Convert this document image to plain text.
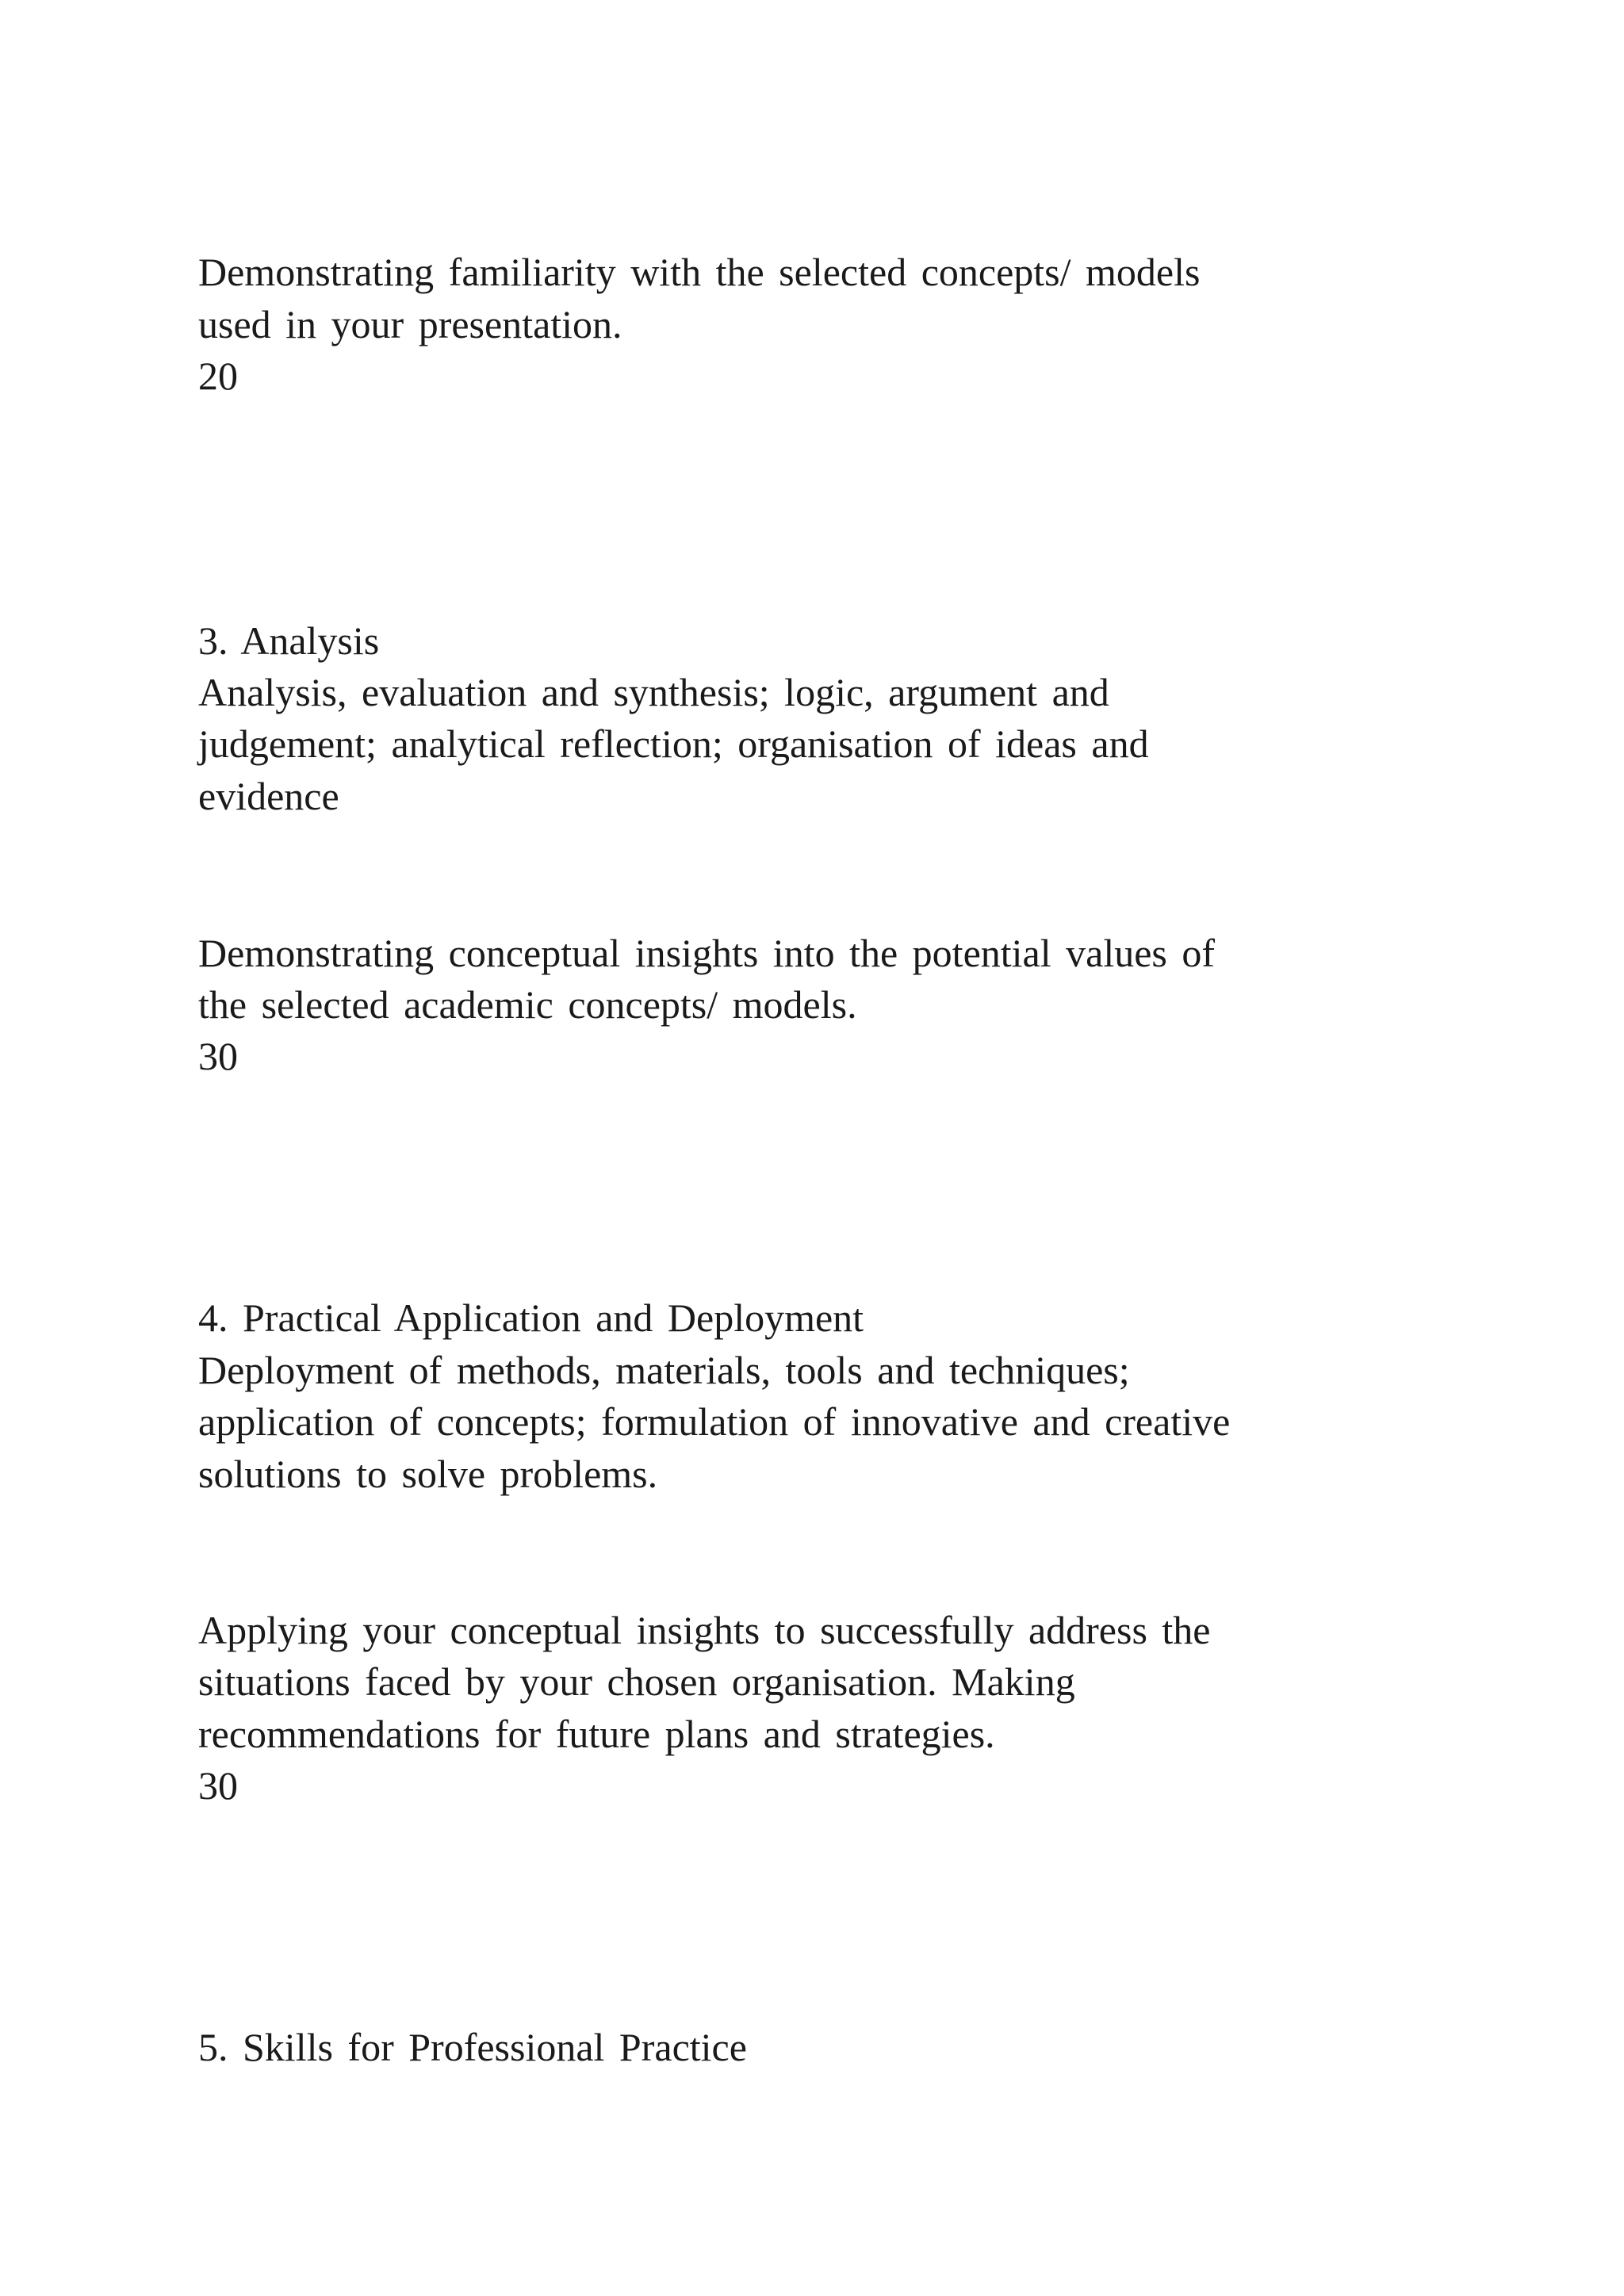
Demonstrating familiarity with the selected concepts/ models
used in your presentation.
20
3. Analysis
Analysis, evaluation and synthesis; logic, argument and
judgement; analytical reflection; organisation of ideas and
evidence
Demonstrating conceptual insights into the potential values of
the selected academic concepts/ models.
30
4. Practical Application and Deployment
Deployment of methods, materials, tools and techniques;
application of concepts; formulation of innovative and creative
solutions to solve problems.
Applying your conceptual insights to successfully address the
situations faced by your chosen organisation. Making
recommendations for future plans and strategies.
30
5. Skills for Professional Practice
